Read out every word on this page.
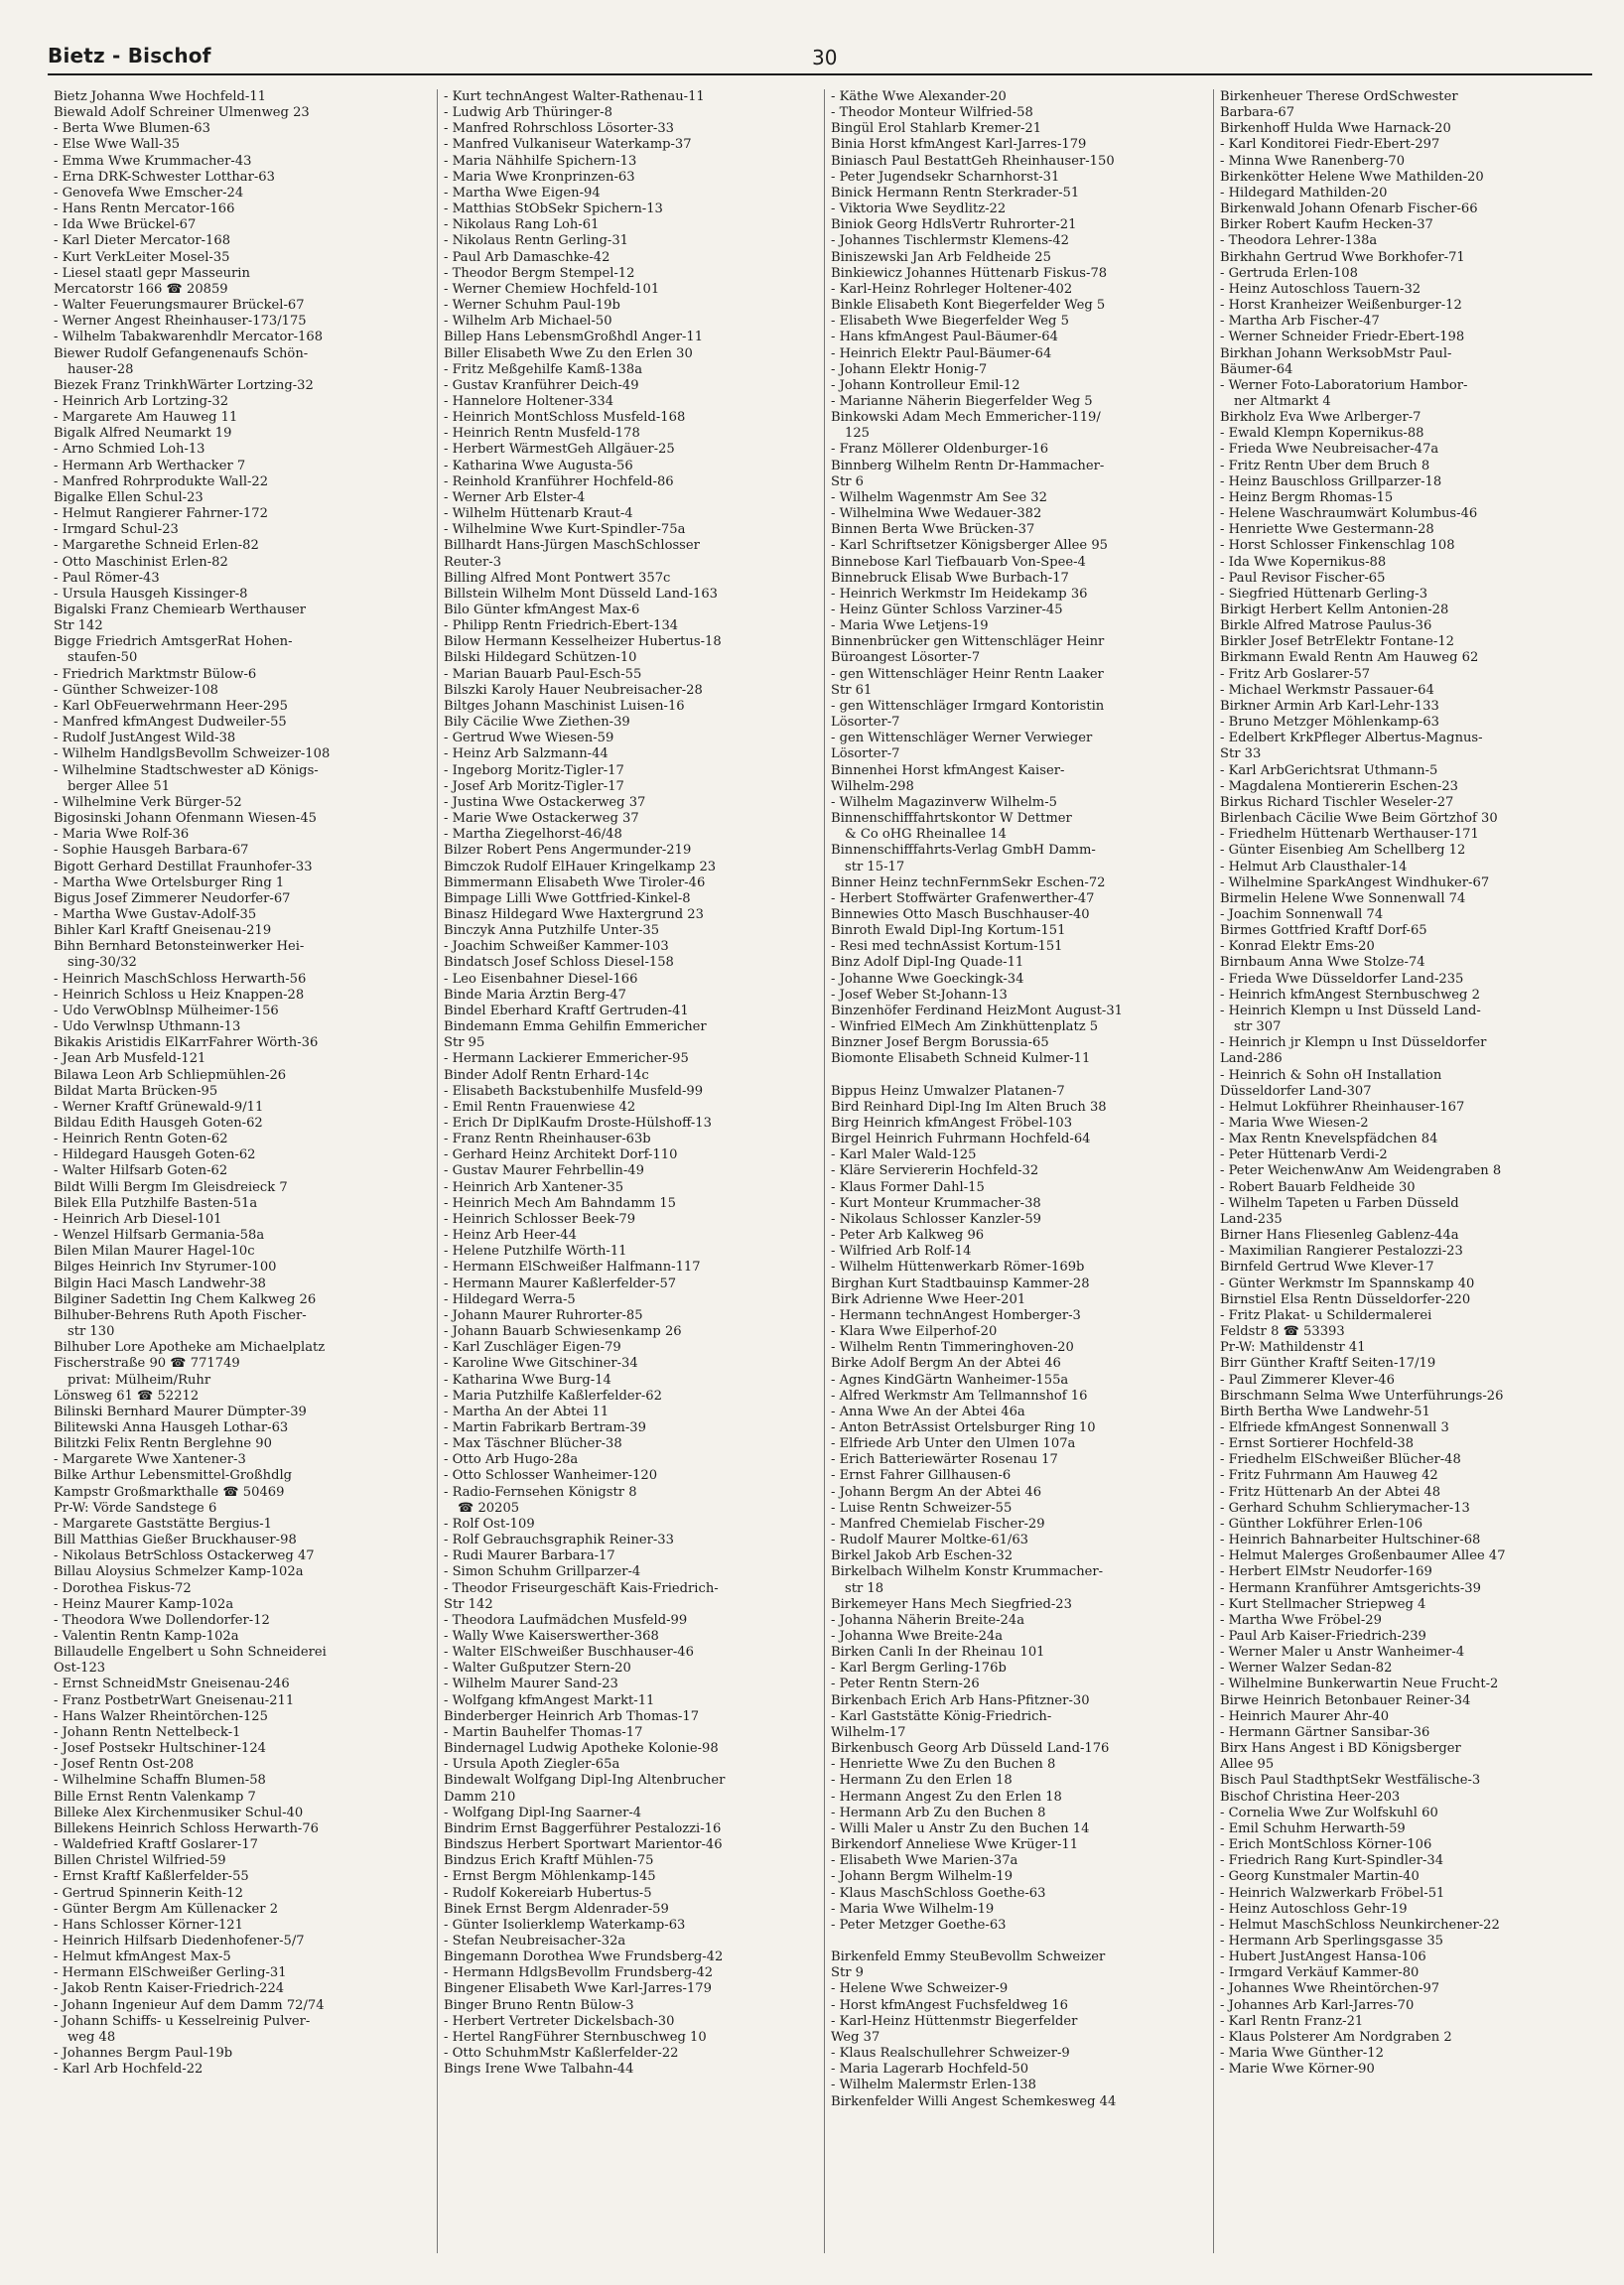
Bietz - Bischof	30
Bietz Johanna Wwe Hochfeld-11
Biewald Adolf Schreiner Ulmenweg 23
- Berta Wwe Blumen-63
- Else Wwe Wall-35
- Emma Wwe Krummacher-43
- Erna DRK-Schwester Lotthar-63
- Genovefa Wwe Emscher-24
- Hans Rentn Mercator-166
- Ida Wwe Brückel-67
- Karl Dieter Mercator-168
- Kurt VerkLeiter Mosel-35
- Liesel staatl gepr Masseurin
Mercatorstr 166 ☎ 20859
- Walter Feuerungsmaurer Brückel-67
- Werner Angest Rheinhauser-173/175
- Wilhelm Tabakwarenhdlr Mercator-168
Biewer Rudolf Gefangenenaufs Schön-
hauser-28
Biezek Franz TrinkhWärter Lortzing-32
- Heinrich Arb Lortzing-32
- Margarete Am Hauweg 11
Bigalk Alfred Neumarkt 19
- Arno Schmied Loh-13
- Hermann Arb Werthacker 7
- Manfred Rohrproduktе Wall-22
Bigalke Ellen Schul-23
- Helmut Rangierer Fahrner-172
- Irmgard Schul-23
- Margarethe Schneid Erlen-82
- Otto Maschinist Erlen-82
- Paul Römer-43
- Ursula Hausgeh Kissinger-8
Bigalski Franz Chemiearb Werthauser
Str 142
Bigge Friedrich AmtsgerRat Hohen-
staufen-50
- Friedrich Marktmstr Bülow-6
- Günther Schweizer-108
- Karl ObFeuerwehrmann Heer-295
- Manfred kfmAngest Dudweiler-55
- Rudolf JustAngest Wild-38
- Wilhelm HandlgsBevollm Schweizer-108
- Wilhelmine Stadtschwester aD Königs-
berger Allee 51
- Wilhelmine Verk Bürger-52
Bigosinski Johann Ofenmann Wiesen-45
- Maria Wwe Rolf-36
- Sophie Hausgeh Barbara-67
Bigott Gerhard Destillat Fraunhofer-33
- Martha Wwe Ortelsburger Ring 1
Bigus Josef Zimmerer Neudorfer-67
- Martha Wwe Gustav-Adolf-35
Bihler Karl Kraftf Gneisenau-219
Bihn Bernhard Betonsteinwerker Hei-
sing-30/32
- Heinrich MaschSchloss Herwarth-56
- Heinrich Schloss u Heiz Knappen-28
- Udo VerwOblnsp Mülheimer-156
- Udo Verwlnsp Uthmann-13
Bikakis Aristidis ElKarrFahrer Wörth-36
- Jean Arb Musfeld-121
Bilawa Leon Arb Schliepmühlen-26
Bildat Marta Brücken-95
- Werner Kraftf Grünewald-9/11
Bildau Edith Hausgeh Goten-62
- Heinrich Rentn Goten-62
- Hildegard Hausgeh Goten-62
- Walter Hilfsarb Goten-62
Bildt Willi Bergm Im Gleisdreieck 7
Bilek Ella Putzhilfe Basten-51a
- Heinrich Arb Diesel-101
- Wenzel Hilfsarb Germania-58a
Bilen Milan Maurer Hagel-10c
Bilges Heinrich Inv Styrumer-100
Bilgin Haci Masch Landwehr-38
Bilginer Sadettin Ing Chem Kalkweg 26
Bilhuber-Behrens Ruth Apoth Fischer-
str 130
Bilhuber Lore Apotheke am Michaelplatz
Fischerstraße 90 ☎ 771749
privat: Mülheim/Ruhr
Lönsweg 61 ☎ 52212
Bilinski Bernhard Maurer Dümpter-39
Bilitewski Anna Hausgeh Lothar-63
Bilitzki Felix Rentn Berglehne 90
- Margarete Wwe Xantener-3
Bilke Arthur Lebensmittel-Großhdlg
Kampstr Großmarkthalle ☎ 50469
Pr-W: Vörde Sandstege 6
- Margarete Gaststätte Bergius-1
Bill Matthias Gießer Bruckhauser-98
- Nikolaus BetrSchloss Ostackerweg 47
Billau Aloysius Schmelzer Kamp-102a
- Dorothea Fiskus-72
- Heinz Maurer Kamp-102a
- Theodora Wwe Dollendorfer-12
- Valentin Rentn Kamp-102a
Billaudelle Engelbert u Sohn Schneiderei
Ost-123
- Ernst SchneidMstr Gneisenau-246
- Franz PostbetrWart Gneisenau-211
- Hans Walzer Rheintörchen-125
- Johann Rentn Nettelbeck-1
- Josef Postsekr Hultschiner-124
- Josef Rentn Ost-208
- Wilhelmine Schaffn Blumen-58
Bille Ernst Rentn Valenkamp 7
Billeke Alex Kirchenmusiker Schul-40
Billekens Heinrich Schloss Herwarth-76
- Waldefried Kraftf Goslarer-17
Billen Christel Wilfried-59
- Ernst Kraftf Kaßlerfelder-55
- Gertrud Spinnerin Keith-12
- Günter Bergm Am Küllenacker 2
- Hans Schlosser Körner-121
- Heinrich Hilfsarb Diedenhofener-5/7
- Helmut kfmAngest Max-5
- Hermann ElSchweißer Gerling-31
- Jakob Rentn Kaiser-Friedrich-224
- Johann Ingenieur Auf dem Damm 72/74
- Johann Schiffs- u Kesselreinig Pulver-
weg 48
- Johannes Bergm Paul-19b
- Karl Arb Hochfeld-22
- Kurt technAngest Walter-Rathenau-11
- Ludwig Arb Thüringer-8
- Manfred Rohrschloss Lösorter-33
- Manfred Vulkaniseur Waterkamp-37
- Maria Nähhilfe Spichern-13
- Maria Wwe Kronprinzen-63
- Martha Wwe Eigen-94
- Matthias StObSekr Spichern-13
- Nikolaus Rang Loh-61
- Nikolaus Rentn Gerling-31
- Paul Arb Damaschke-42
- Theodor Bergm Stempel-12
- Werner Chemiew Hochfeld-101
- Werner Schuhm Paul-19b
- Wilhelm Arb Michael-50
Billep Hans LebensmGroßhdl Anger-11
Biller Elisabeth Wwe Zu den Erlen 30
- Fritz Meßgehilfe Kamß-138a
- Gustav Kranführer Deich-49
- Hannelore Holtener-334
- Heinrich MontSchloss Musfeld-168
- Heinrich Rentn Musfeld-178
- Herbert WärmestGeh Allgäuer-25
- Katharina Wwe Augusta-56
- Reinhold Kranführer Hochfeld-86
- Werner Arb Elster-4
- Wilhelm Hüttenarb Kraut-4
- Wilhelmine Wwe Kurt-Spindler-75a
Billhardt Hans-Jürgen MaschSchlosser
Reuter-3
Billing Alfred Mont Pontwert 357c
Billstein Wilhelm Mont Düsseld Land-163
Bilo Günter kfmAngest Max-6
- Philipp Rentn Friedrich-Ebert-134
Bilow Hermann Kesselheizer Hubertus-18
Bilski Hildegard Schützen-10
- Marian Bauarb Paul-Esch-55
Bilszki Karoly Hauer Neubreisacher-28
Biltges Johann Maschinist Luisen-16
Bily Cäcilie Wwe Ziethen-39
- Gertrud Wwe Wiesen-59
- Heinz Arb Salzmann-44
- Ingeborg Moritz-Tigler-17
- Josef Arb Moritz-Tigler-17
- Justina Wwe Ostackerweg 37
- Marie Wwe Ostackerweg 37
- Martha Ziegelhorst-46/48
Bilzer Robert Pens Angermunder-219
Bimczok Rudolf ElHauer Kringelkamp 23
Bimmermann Elisabeth Wwe Tiroler-46
Bimpage Lilli Wwe Gottfried-Kinkel-8
Binasz Hildegard Wwe Haxtergrund 23
Binczyk Anna Putzhilfe Unter-35
- Joachim Schweißer Kammer-103
Bindatsch Josef Schloss Diesel-158
- Leo Eisenbahner Diesel-166
Binde Maria Ärztin Berg-47
Bindel Eberhard Kraftf Gertruden-41
Bindemann Emma Gehilfin Emmericher
Str 95
- Hermann Lackierer Emmericher-95
Binder Adolf Rentn Erhard-14c
- Elisabeth Backstubenhilfe Musfeld-99
- Emil Rentn Frauenwiese 42
- Erich Dr DiplKaufm Droste-Hülshoff-13
- Franz Rentn Rheinhauser-63b
- Gerhard Heinz Architekt Dorf-110
- Gustav Maurer Fehrbellin-49
- Heinrich Arb Xantener-35
- Heinrich Mech Am Bahndamm 15
- Heinrich Schlosser Beek-79
- Heinz Arb Heer-44
- Helene Putzhilfe Wörth-11
- Hermann ElSchweißer Halfmann-117
- Hermann Maurer Kaßlerfelder-57
- Hildegard Werra-5
- Johann Maurer Ruhrorter-85
- Johann Bauarb Schwiesenkamp 26
- Karl Zuschläger Eigen-79
- Karoline Wwe Gitschiner-34
- Katharina Wwe Burg-14
- Maria Putzhilfe Kaßlerfelder-62
- Martha An der Abtei 11
- Martin Fabrikarb Bertram-39
- Max Täschner Blücher-38
- Otto Arb Hugo-28a
- Otto Schlosser Wanheimer-120
- Radio-Fernsehen Königstr 8
☎ 20205
- Rolf Ost-109
- Rolf Gebrauchsgraphik Reiner-33
- Rudi Maurer Barbara-17
- Simon Schuhm Grillparzer-4
- Theodor Friseurgeschäft Kais-Friedrich-
Str 142
- Theodora Laufmädchen Musfeld-99
- Wally Wwe Kaiserswerther-368
- Walter ElSchweißer Buschhauser-46
- Walter Gußputzer Stern-20
- Wilhelm Maurer Sand-23
- Wolfgang kfmAngest Markt-11
Binderberger Heinrich Arb Thomas-17
- Martin Bauhelfer Thomas-17
Bindernagel Ludwig Apotheke Kolonie-98
- Ursula Apoth Ziegler-65a
Bindewalt Wolfgang Dipl-Ing Altenbrucher
Damm 210
- Wolfgang Dipl-Ing Saarner-4
Bindrim Ernst Baggerführer Pestalozzi-16
Bindszus Herbert Sportwart Marientor-46
Bindzus Erich Kraftf Mühlen-75
- Ernst Bergm Möhlenkamp-145
- Rudolf Kokereiarb Hubertus-5
Binek Ernst Bergm Aldenrader-59
- Günter Isolierklemp Waterkamp-63
- Stefan Neubreisacher-32a
Bingemann Dorothea Wwe Frundsberg-42
- Hermann HdlgsBevollm Frundsberg-42
Bingener Elisabeth Wwe Karl-Jarres-179
Binger Bruno Rentn Bülow-3
- Herbert Vertreter Dickelsbach-30
- Hertel RangFührer Sternbuschweg 10
- Otto SchuhmMstr Kaßlerfelder-22
Bings Irene Wwe Talbahn-44
- Käthe Wwe Alexander-20
- Theodor Monteur Wilfried-58
Bingül Erol Stahlarb Kremer-21
Binia Horst kfmAngest Karl-Jarres-179
Biniasch Paul BestattGeh Rheinhauser-150
- Peter Jugendsekr Scharnhorst-31
Binick Hermann Rentn Sterkrader-51
- Viktoria Wwe Seydlitz-22
Biniok Georg HdlsVertr Ruhrorter-21
- Johannes Tischlermstr Klemens-42
Biniszewski Jan Arb Feldheide 25
Binkiewicz Johannes Hüttenarb Fiskus-78
- Karl-Heinz Rohrleger Holtener-402
Binkle Elisabeth Kont Biegerfelder Weg 5
- Elisabeth Wwe Biegerfelder Weg 5
- Hans kfmAngest Paul-Bäumer-64
- Heinrich Elektr Paul-Bäumer-64
- Johann Elektr Honig-7
- Johann Kontrolleur Emil-12
- Marianne Näherin Biegerfelder Weg 5
Binkowski Adam Mech Emmericher-119/
125
- Franz Möllerer Oldenburger-16
Binnberg Wilhelm Rentn Dr-Hammacher-
Str 6
- Wilhelm Wagenmstr Am See 32
- Wilhelmina Wwe Wedauer-382
Binnen Berta Wwe Brücken-37
- Karl Schriftsetzer Königsberger Allee 95
Binnebose Karl Tiefbauarb Von-Spee-4
Binnebruck Elisab Wwe Burbach-17
- Heinrich Werkmstr Im Heidekamp 36
- Heinz Günter Schloss Varziner-45
- Maria Wwe Letjens-19
Binnenbrücker gen Wittenschläger Heinr
Büroangest Lösorter-7
- gen Wittenschläger Heinr Rentn Laaker
Str 61
- gen Wittenschläger Irmgard Kontoristin
Lösorter-7
- gen Wittenschläger Werner Verwieger
Lösorter-7
Binnenhei Horst kfmAngest Kaiser-
Wilhelm-298
- Wilhelm Magazinverw Wilhelm-5
Binnenschifffahrtskontor W Dettmer
& Co oHG Rheinallee 14
Binnenschifffahrts-Verlag GmbH Damm-
str 15-17
Binner Heinz technFernmSekr Eschen-72
- Herbert Stoffwärter Grafenwerther-47
Binnewies Otto Masch Buschhauser-40
Binroth Ewald Dipl-Ing Kortum-151
- Resi med technAssist Kortum-151
Binz Adolf Dipl-Ing Quade-11
- Johanne Wwe Goeckingk-34
- Josef Weber St-Johann-13
Binzenhöfer Ferdinand HeizMont August-31
- Winfried ElMech Am Zinkhüttenplatz 5
Binzner Josef Bergm Borussia-65
Biomonte Elisabeth Schneid Kulmer-11

Bippus Heinz Umwalzer Platanen-7
Bird Reinhard Dipl-Ing Im Alten Bruch 38
Birg Heinrich kfmAngest Fröbel-103
Birgel Heinrich Fuhrmann Hochfeld-64
- Karl Maler Wald-125
- Kläre Serviererin Hochfeld-32
- Klaus Former Dahl-15
- Kurt Monteur Krummacher-38
- Nikolaus Schlosser Kanzler-59
- Peter Arb Kalkweg 96
- Wilfried Arb Rolf-14
- Wilhelm Hüttenwerkarb Römer-169b
Birghan Kurt Stadtbauinsp Kammer-28
Birk Adrienne Wwe Heer-201
- Hermann technAngest Homberger-3
- Klara Wwe Eilperhof-20
- Wilhelm Rentn Timmeringhoven-20
Birke Adolf Bergm An der Abtei 46
- Agnes KindGärtn Wanheimer-155a
- Alfred Werkmstr Am Tellmannshof 16
- Anna Wwe An der Abtei 46a
- Anton BetrAssist Ortelsburger Ring 10
- Elfriede Arb Unter den Ulmen 107a
- Erich Batteriewärter Rosenau 17
- Ernst Fahrer Gillhausen-6
- Johann Bergm An der Abtei 46
- Luise Rentn Schweizer-55
- Manfred Chemielab Fischer-29
- Rudolf Maurer Moltke-61/63
Birkel Jakob Arb Eschen-32
Birkelbach Wilhelm Konstr Krummacher-
str 18
Birkemeyer Hans Mech Siegfried-23
- Johanna Näherin Breite-24a
- Johanna Wwe Breite-24a
Birken Canli In der Rheinau 101
- Karl Bergm Gerling-176b
- Peter Rentn Stern-26
Birkenbach Erich Arb Hans-Pfitzner-30
- Karl Gaststätte König-Friedrich-
Wilhelm-17
Birkenbusch Georg Arb Düsseld Land-176
- Henriette Wwe Zu den Buchen 8
- Hermann Zu den Erlen 18
- Hermann Angest Zu den Erlen 18
- Hermann Arb Zu den Buchen 8
- Willi Maler u Anstr Zu den Buchen 14
Birkendorf Anneliese Wwe Krüger-11
- Elisabeth Wwe Marien-37a
- Johann Bergm Wilhelm-19
- Klaus MaschSchloss Goethe-63
- Maria Wwe Wilhelm-19
- Peter Metzger Goethe-63

Birkenfeld Emmy SteuBevollm Schweizer
Str 9
- Helene Wwe Schweizer-9
- Horst kfmAngest Fuchsfeldweg 16
- Karl-Heinz Hüttenmstr Biegerfelder
Weg 37
- Klaus Realschullehrer Schweizer-9
- Maria Lagerarb Hochfeld-50
- Wilhelm Malermstr Erlen-138
Birkenfelder Willi Angest Schemkesweg 44
Birkenheuer Therese OrdSchwester
Barbara-67
Birkenhoff Hulda Wwe Harnack-20
- Karl Konditorei Fiedr-Ebert-297
- Minna Wwe Ranenberg-70
Birkenkötter Helene Wwe Mathilden-20
- Hildegard Mathilden-20
Birkenwald Johann Ofenarb Fischer-66
Birker Robert Kaufm Hecken-37
- Theodora Lehrer-138a
Birkhahn Gertrud Wwe Borkhofer-71
- Gertruda Erlen-108
- Heinz Autoschloss Tauern-32
- Horst Kranheizer Weißenburger-12
- Martha Arb Fischer-47
- Werner Schneider Friedr-Ebert-198
Birkhan Johann WerksobMstr Paul-
Bäumer-64
- Werner Foto-Laboratorium Hambor-
ner Altmarkt 4
Birkholz Eva Wwe Arlberger-7
- Ewald Klempn Kopernikus-88
- Frieda Wwe Neubreisacher-47a
- Fritz Rentn Über dem Bruch 8
- Heinz Bauschloss Grillparzer-18
- Heinz Bergm Rhomas-15
- Helene Waschraumwärt Kolumbus-46
- Henriette Wwe Gestermann-28
- Horst Schlosser Finkenschlag 108
- Ida Wwe Kopernikus-88
- Paul Revisor Fischer-65
- Siegfried Hüttenarb Gerling-3
Birkigt Herbert Kellm Antonien-28
Birkle Alfred Matrose Paulus-36
Birkler Josef BetrElektr Fontane-12
Birkmann Ewald Rentn Am Hauweg 62
- Fritz Arb Goslarer-57
- Michael Werkmstr Passauer-64
Birkner Armin Arb Karl-Lehr-133
- Bruno Metzger Möhlenkamp-63
- Edelbert KrkPfleger Albertus-Magnus-
Str 33
- Karl ArbGerichtsrat Uthmann-5
- Magdalena Montiererin Eschen-23
Birkus Richard Tischler Weseler-27
Birlenbach Cäcilie Wwe Beim Görtzhof 30
- Friedhelm Hüttenarb Werthauser-171
- Günter Eisenbieg Am Schellberg 12
- Helmut Arb Clausthaler-14
- Wilhelmine SparkAngest Windhuker-67
Birmelin Helene Wwe Sonnenwall 74
- Joachim Sonnenwall 74
Birmes Gottfried Kraftf Dorf-65
- Konrad Elektr Ems-20
Birnbaum Anna Wwe Stolze-74
- Frieda Wwe Düsseldorfer Land-235
- Heinrich kfmAngest Sternbuschweg 2
- Heinrich Klempn u Inst Düsseld Land-
str 307
- Heinrich jr Klempn u Inst Düsseldorfer
Land-286
- Heinrich & Sohn oH Installation
Düsseldorfer Land-307
- Helmut Lokführer Rheinhauser-167
- Maria Wwe Wiesen-2
- Max Rentn Knevelspfädchen 84
- Peter Hüttenarb Verdi-2
- Peter WeichenwAnw Am Weidengraben 8
- Robert Bauarb Feldheide 30
- Wilhelm Tapeten u Farben Düsseld
Land-235
Birner Hans Fliesenleg Gablenz-44a
- Maximilian Rangierer Pestalozzi-23
Birnfeld Gertrud Wwe Klever-17
- Günter Werkmstr Im Spannskamp 40
Birnstiel Elsa Rentn Düsseldorfer-220
- Fritz Plakat- u Schildermalerei
Feldstr 8 ☎ 53393
Pr-W: Mathildenstr 41
Birr Günther Kraftf Seiten-17/19
- Paul Zimmerer Klever-46
Birschmann Selma Wwe Unterführungs-26
Birth Bertha Wwe Landwehr-51
- Elfriede kfmAngest Sonnenwall 3
- Ernst Sortierer Hochfeld-38
- Friedhelm ElSchweißer Blücher-48
- Fritz Fuhrmann Am Hauweg 42
- Fritz Hüttenarb An der Abtei 48
- Gerhard Schuhm Schlierymacher-13
- Günther Lokführer Erlen-106
- Heinrich Bahnarbeiter Hultschiner-68
- Helmut Malerges Großenbaumer Allee 47
- Herbert ElMstr Neudorfer-169
- Hermann Kranführer Amtsgerichts-39
- Kurt Stellmacher Striepweg 4
- Martha Wwe Fröbel-29
- Paul Arb Kaiser-Friedrich-239
- Werner Maler u Anstr Wanheimer-4
- Werner Walzer Sedan-82
- Wilhelmine Bunkerwartin Neue Frucht-2
Birwe Heinrich Betonbauer Reiner-34
- Heinrich Maurer Ahr-40
- Hermann Gärtner Sansibar-36
Birx Hans Angest i BD Königsberger
Allee 95
Bisch Paul StadthptSekr Westfälische-3
Bischof Christina Heer-203
- Cornelia Wwe Zur Wolfskuhl 60
- Emil Schuhm Herwarth-59
- Erich MontSchloss Körner-106
- Friedrich Rang Kurt-Spindler-34
- Georg Kunstmaler Martin-40
- Heinrich Walzwerkarb Fröbel-51
- Heinz Autoschloss Gehr-19
- Helmut MaschSchloss Neunkirchener-22
- Hermann Arb Sperlingsgasse 35
- Hubert JustAngest Hansa-106
- Irmgard Verkäuf Kammer-80
- Johannes Wwe Rheintörchen-97
- Johannes Arb Karl-Jarres-70
- Karl Rentn Franz-21
- Klaus Polsterer Am Nordgraben 2
- Maria Wwe Günther-12
- Marie Wwe Körner-90
